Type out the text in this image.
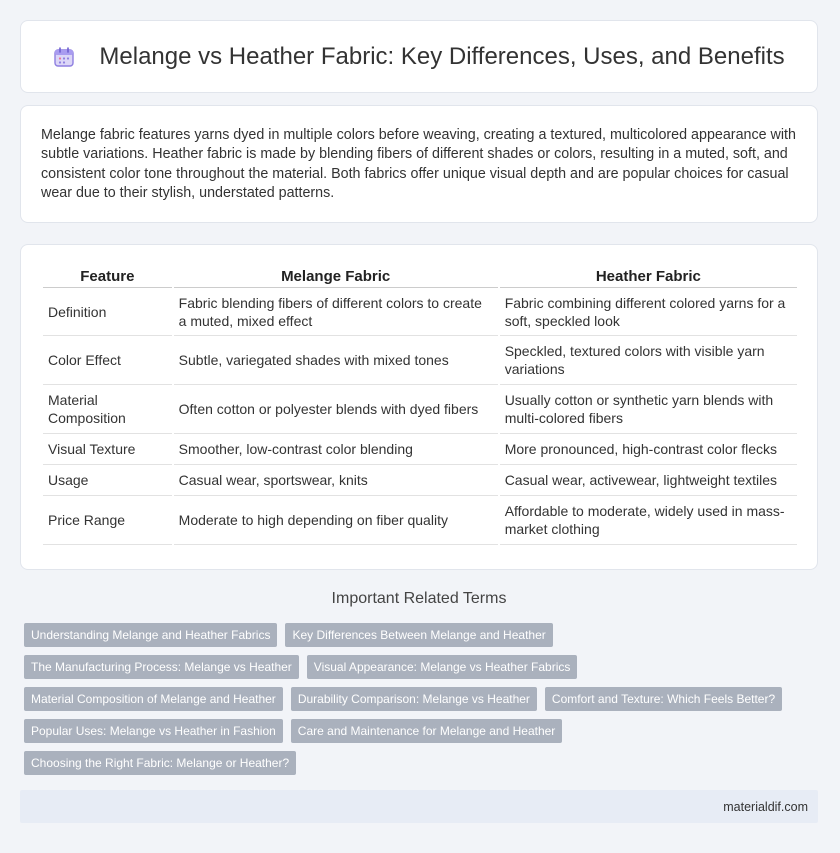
Melange vs Heather Fabric: Key Differences, Uses, and Benefits

Melange fabric features yarns dyed in multiple colors before weaving, creating a textured, multicolored appearance with subtle variations. Heather fabric is made by blending fibers of different shades or colors, resulting in a muted, soft, and consistent color tone throughout the material. Both fabrics offer unique visual depth and are popular choices for casual wear due to their stylish, understated patterns.

Feature	Melange Fabric	Heather Fabric
Definition	Fabric blending fibers of different colors to create a muted, mixed effect	Fabric combining different colored yarns for a soft, speckled look
Color Effect	Subtle, variegated shades with mixed tones	Speckled, textured colors with visible yarn variations
Material Composition	Often cotton or polyester blends with dyed fibers	Usually cotton or synthetic yarn blends with multi-colored fibers
Visual Texture	Smoother, low-contrast color blending	More pronounced, high-contrast color flecks
Usage	Casual wear, sportswear, knits	Casual wear, activewear, lightweight textiles
Price Range	Moderate to high depending on fiber quality	Affordable to moderate, widely used in mass-market clothing
Important Related Terms
Understanding Melange and Heather Fabrics	Key Differences Between Melange and Heather
The Manufacturing Process: Melange vs Heather	Visual Appearance: Melange vs Heather Fabrics
Material Composition of Melange and Heather	Durability Comparison: Melange vs Heather	Comfort and Texture: Which Feels Better?
Popular Uses: Melange vs Heather in Fashion	Care and Maintenance for Melange and Heather
Choosing the Right Fabric: Melange or Heather?
materialdif.com
